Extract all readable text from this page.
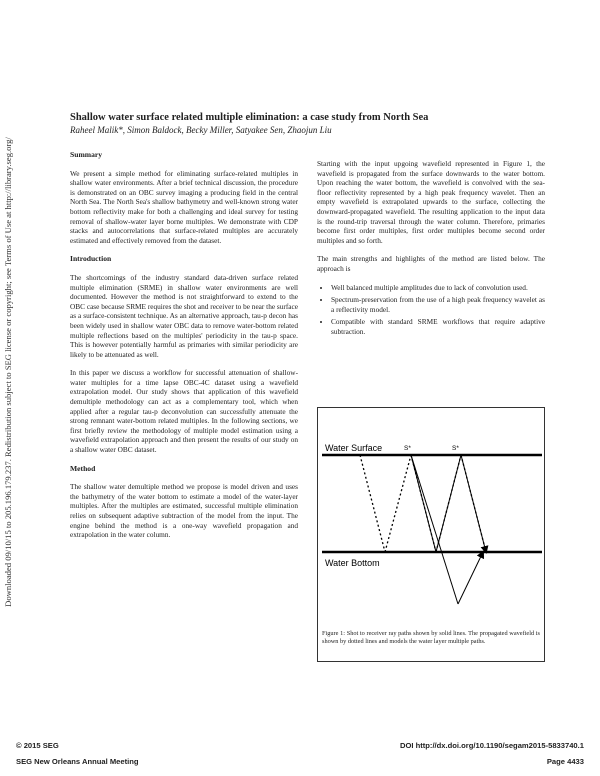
Downloaded 09/10/15 to 205.196.179.237. Redistribution subject to SEG license or copyright; see Terms of Use at http://library.seg.org/
Shallow water surface related multiple elimination: a case study from North Sea
Raheel Malik*, Simon Baldock, Becky Miller, Satyakee Sen, Zhaojun Liu
Summary

We present a simple method for eliminating surface-related multiples in shallow water environments. After a brief technical discussion, the procedure is demonstrated on an OBC survey imaging a producing field in the central North Sea. The North Sea's shallow bathymetry and well-known strong water bottom reflectivity make for both a challenging and ideal survey for testing removal of shallow-water layer borne multiples. We demonstrate with CDP stacks and autocorrelations that surface-related multiples are accurately estimated and effectively removed from the dataset.

Introduction

The shortcomings of the industry standard data-driven surface related multiple elimination (SRME) in shallow water environments are well documented. However the method is not straightforward to extend to the OBC case because SRME requires the shot and receiver to be near the surface as a surface-consistent technique. As an alternative approach, tau-p decon has been widely used in shallow water OBC data to remove water-bottom related multiple reflections based on the multiples' periodicity in the tau-p space. This is however potentially harmful as primaries with similar periodicity are likely to be attenuated as well.

In this paper we discuss a workflow for successful attenuation of shallow-water multiples for a time lapse OBC-4C dataset using a wavefield extrapolation model. Our study shows that application of this wavefield demultiple methodology can act as a complementary tool, which when applied after a regular tau-p deconvolution can successfully attenuate the strong remnant water-bottom related multiples. In the following sections, we first briefly review the methodology of multiple model estimation using a wavefield extrapolation approach and then present the results of our study on a shallow water OBC dataset.

Method

The shallow water demultiple method we propose is model driven and uses the bathymetry of the water bottom to estimate a model of the water-layer multiples. After the multiples are estimated, successful multiple elimination relies on subsequent adaptive subtraction of the model from the input. The engine behind the method is a one-way wavefield propagation and extrapolation in the water column.

Starting with the input upgoing wavefield represented in Figure 1, the wavefield is propagated from the surface downwards to the water bottom. Upon reaching the water bottom, the wavefield is convolved with the sea-floor reflectivity represented by a high peak frequency wavelet. Then an empty wavefield is extrapolated upwards to the surface, collecting the downward-propagated wavefield. The resulting application to the input data is the round-trip traversal through the water column. Therefore, primaries become first order multiples, first order multiples become second order multiples and so forth.

The main strengths and highlights of the method are listed below. The approach is

• Well balanced multiple amplitudes due to lack of convolution used.
• Spectrum-preservation from the use of a high peak frequency wavelet as a reflectivity model.
• Compatible with standard SRME workflows that require adaptive subtraction.
Water Surface
Water Bottom
S*	S*
Figure 1: Shot to receiver ray paths shown by solid lines. The propagated wavefield is shown by dotted lines and models the water layer multiple paths.
© 2015 SEG
SEG New Orleans Annual Meeting
DOI http://dx.doi.org/10.1190/segam2015-5833740.1
Page 4433
